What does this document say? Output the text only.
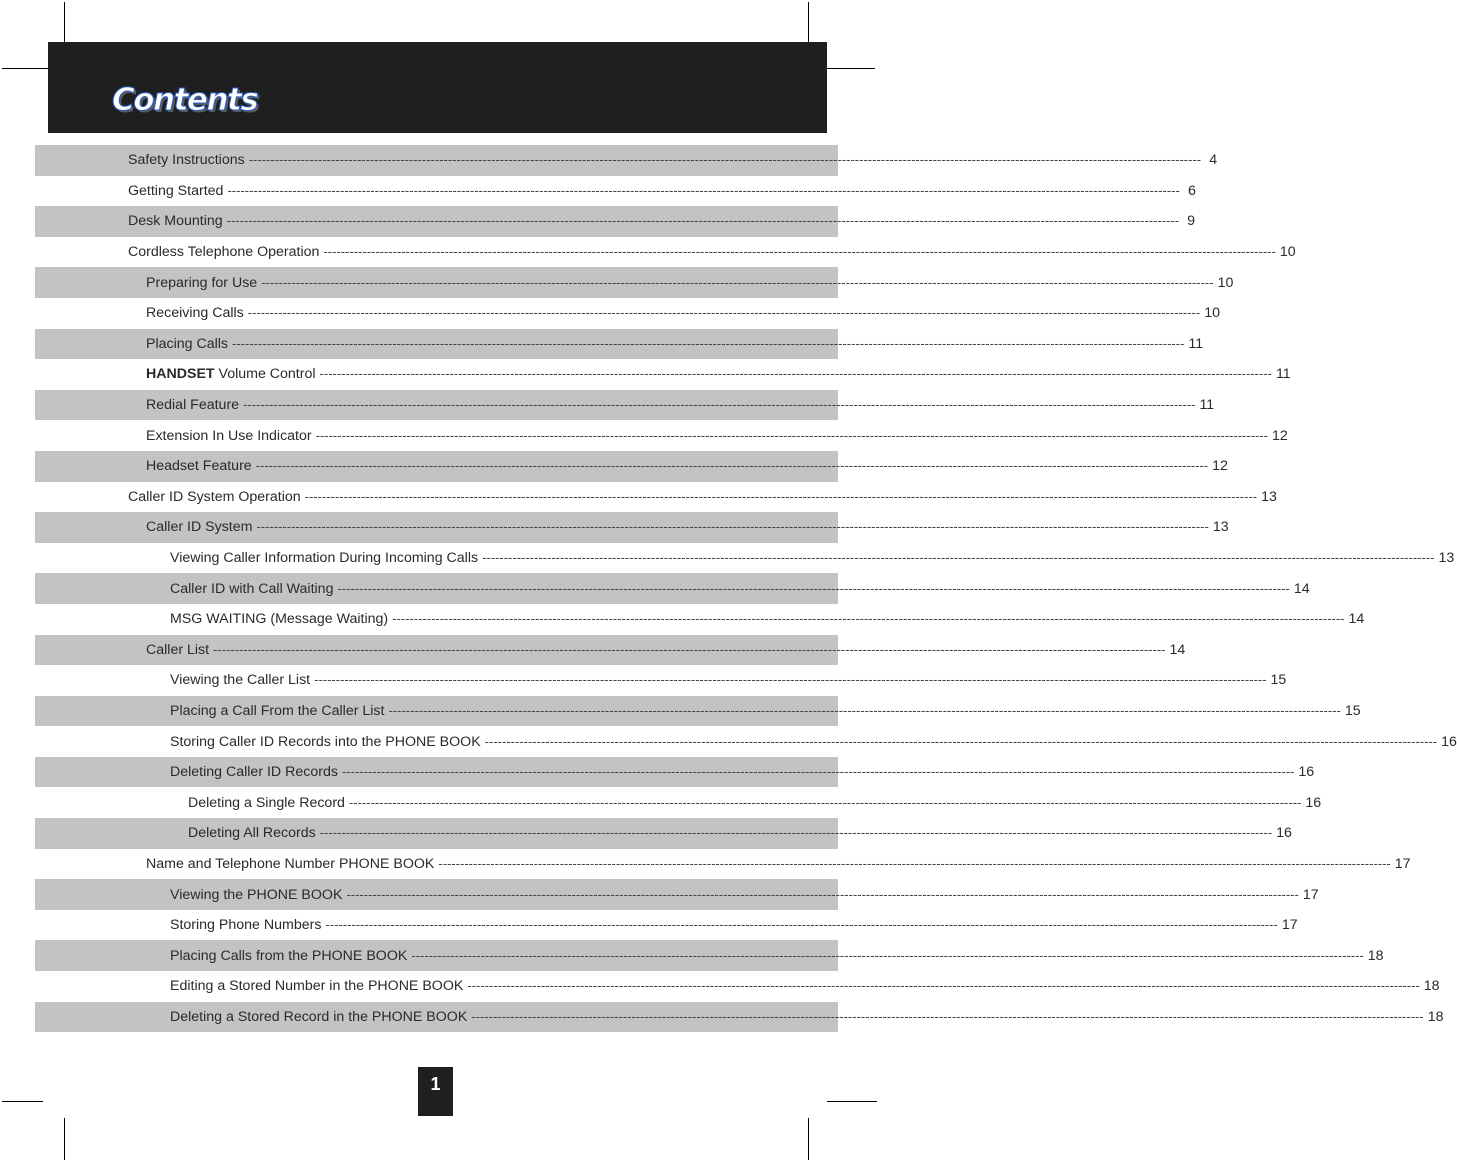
Contents
Safety Instructions ---------------------------------------------------------------------------------------------------------------------------------------------------------------------------------------------------------------------------- 4
Getting Started ---------------------------------------------------------------------------------------------------------------------------------------------------------------------------------------------------------------------------- 6
Desk Mounting ---------------------------------------------------------------------------------------------------------------------------------------------------------------------------------------------------------------------------- 9
Cordless Telephone Operation ---------------------------------------------------------------------------------------------------------------------------------------------------------------------------------------------------------------------------- 10
Preparing for Use ---------------------------------------------------------------------------------------------------------------------------------------------------------------------------------------------------------------------------- 10
Receiving Calls ---------------------------------------------------------------------------------------------------------------------------------------------------------------------------------------------------------------------------- 10
Placing Calls ---------------------------------------------------------------------------------------------------------------------------------------------------------------------------------------------------------------------------- 11
HANDSET Volume Control ---------------------------------------------------------------------------------------------------------------------------------------------------------------------------------------------------------------------------- 11
Redial Feature ---------------------------------------------------------------------------------------------------------------------------------------------------------------------------------------------------------------------------- 11
Extension In Use Indicator ---------------------------------------------------------------------------------------------------------------------------------------------------------------------------------------------------------------------------- 12
Headset Feature ---------------------------------------------------------------------------------------------------------------------------------------------------------------------------------------------------------------------------- 12
Caller ID System Operation ---------------------------------------------------------------------------------------------------------------------------------------------------------------------------------------------------------------------------- 13
Caller ID System ---------------------------------------------------------------------------------------------------------------------------------------------------------------------------------------------------------------------------- 13
Viewing Caller Information During Incoming Calls ---------------------------------------------------------------------------------------------------------------------------------------------------------------------------------------------------------------------------- 13
Caller ID with Call Waiting ---------------------------------------------------------------------------------------------------------------------------------------------------------------------------------------------------------------------------- 14
MSG WAITING (Message Waiting) ---------------------------------------------------------------------------------------------------------------------------------------------------------------------------------------------------------------------------- 14
Caller List ---------------------------------------------------------------------------------------------------------------------------------------------------------------------------------------------------------------------------- 14
Viewing the Caller List ---------------------------------------------------------------------------------------------------------------------------------------------------------------------------------------------------------------------------- 15
Placing a Call From the Caller List ---------------------------------------------------------------------------------------------------------------------------------------------------------------------------------------------------------------------------- 15
Storing Caller ID Records into the PHONE BOOK ---------------------------------------------------------------------------------------------------------------------------------------------------------------------------------------------------------------------------- 16
Deleting Caller ID Records ---------------------------------------------------------------------------------------------------------------------------------------------------------------------------------------------------------------------------- 16
Deleting a Single Record ---------------------------------------------------------------------------------------------------------------------------------------------------------------------------------------------------------------------------- 16
Deleting All Records ---------------------------------------------------------------------------------------------------------------------------------------------------------------------------------------------------------------------------- 16
Name and Telephone Number PHONE BOOK ---------------------------------------------------------------------------------------------------------------------------------------------------------------------------------------------------------------------------- 17
Viewing the PHONE BOOK ---------------------------------------------------------------------------------------------------------------------------------------------------------------------------------------------------------------------------- 17
Storing Phone Numbers ---------------------------------------------------------------------------------------------------------------------------------------------------------------------------------------------------------------------------- 17
Placing Calls from the PHONE BOOK ---------------------------------------------------------------------------------------------------------------------------------------------------------------------------------------------------------------------------- 18
Editing a Stored Number in the PHONE BOOK ---------------------------------------------------------------------------------------------------------------------------------------------------------------------------------------------------------------------------- 18
Deleting a Stored Record in the PHONE BOOK ---------------------------------------------------------------------------------------------------------------------------------------------------------------------------------------------------------------------------- 18
1
